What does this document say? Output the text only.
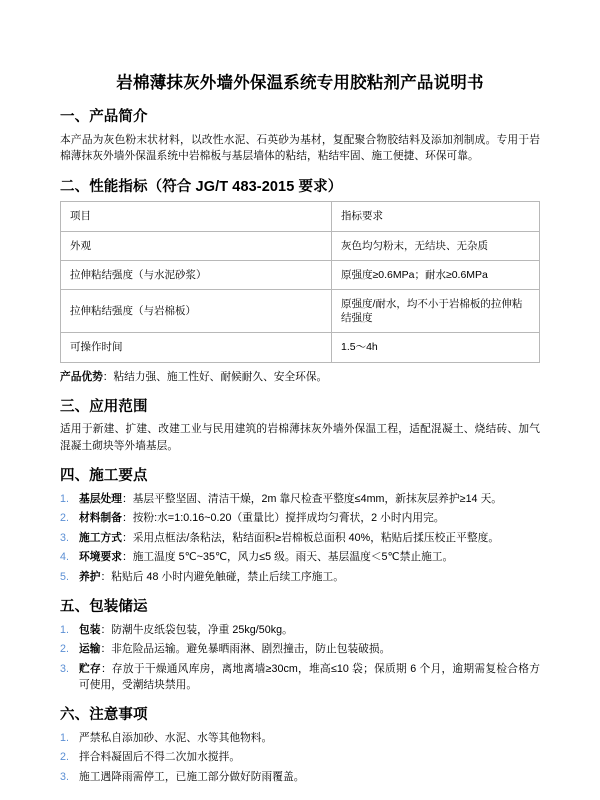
岩棉薄抹灰外墙外保温系统专用胶粘剂产品说明书
一、产品简介

本产品为灰色粉末状材料，以改性水泥、石英砂为基材，复配聚合物胶结料及添加剂制成。专用于岩棉薄抹灰外墙外保温系统中岩棉板与基层墙体的粘结，粘结牢固、施工便捷、环保可靠。

二、性能指标（符合 JG/T 483-2015 要求）
项目	指标要求
外观	灰色均匀粉末，无结块、无杂质
拉伸粘结强度（与水泥砂浆）	原强度≥0.6MPa；耐水≥0.6MPa
拉伸粘结强度（与岩棉板）	原强度/耐水，均不小于岩棉板的拉伸粘结强度
可操作时间	1.5～4h

产品优势：粘结力强、施工性好、耐候耐久、安全环保。

三、应用范围

适用于新建、扩建、改建工业与民用建筑的岩棉薄抹灰外墙外保温工程，适配混凝土、烧结砖、加气混凝土砌块等外墙基层。

四、施工要点
1. 基层处理：基层平整坚固、清洁干燥，2m 靠尺检查平整度≤4mm，新抹灰层养护≥14 天。
2. 材料制备：按粉:水=1:0.16~0.20（重量比）搅拌成均匀膏状，2 小时内用完。
3. 施工方式：采用点框法/条粘法，粘结面积≥岩棉板总面积 40%，粘贴后揉压校正平整度。
4. 环境要求：施工温度 5℃~35℃，风力≤5 级。雨天、基层温度＜5℃禁止施工。
5. 养护：粘贴后 48 小时内避免触碰，禁止后续工序施工。
五、包装储运
1. 包装：防潮牛皮纸袋包装，净重 25kg/50kg。
2. 运输：非危险品运输。避免暴晒雨淋、剧烈撞击，防止包装破损。
3. 贮存：存放于干燥通风库房，离地离墙≥30cm，堆高≤10 袋；保质期 6 个月，逾期需复检合格方可使用，受潮结块禁用。
六、注意事项
1. 严禁私自添加砂、水泥、水等其他物料。
2. 拌合料凝固后不得二次加水搅拌。
3. 施工遇降雨需停工，已施工部分做好防雨覆盖。
